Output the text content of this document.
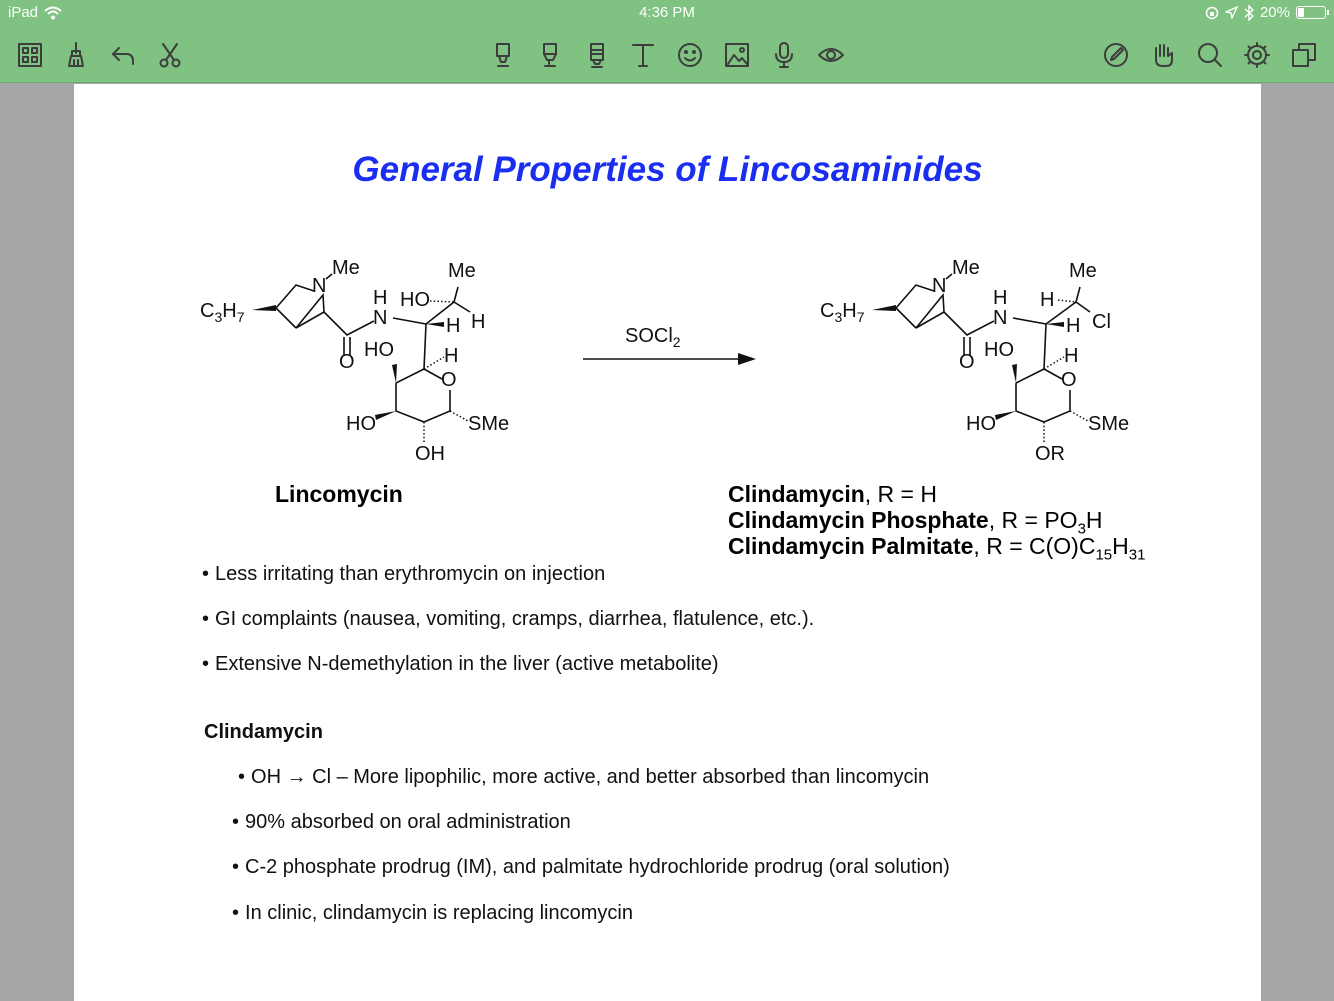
iPad	4:36 PM	20%
General Properties of Lincosaminides
$C_3H_7$
N
Me
O
H
N
HO
Me
H
H
O
H
HO
HO
OH
SMe
SOCl$_2$
$C_3H_7$
N
Me
O
H
N
H
Me
Cl
H
O
H
HO
HO
OR
SMe
Lincomycin	Clindamycin, R = H
Clindamycin Phosphate, $R = PO_3H$
Clindamycin Palmitate, $R = C(O)C_{15}H_{31}$
• Less irritating than erythromycin on injection
• GI complaints (nausea, vomiting, cramps, diarrhea, flatulence, etc.).
• Extensive N-demethylation in the liver (active metabolite)
Clindamycin
• OH → Cl – More lipophilic, more active, and better absorbed than lincomycin
• 90% absorbed on oral administration
• C-2 phosphate prodrug (IM), and palmitate hydrochloride prodrug (oral solution)
• In clinic, clindamycin is replacing lincomycin
